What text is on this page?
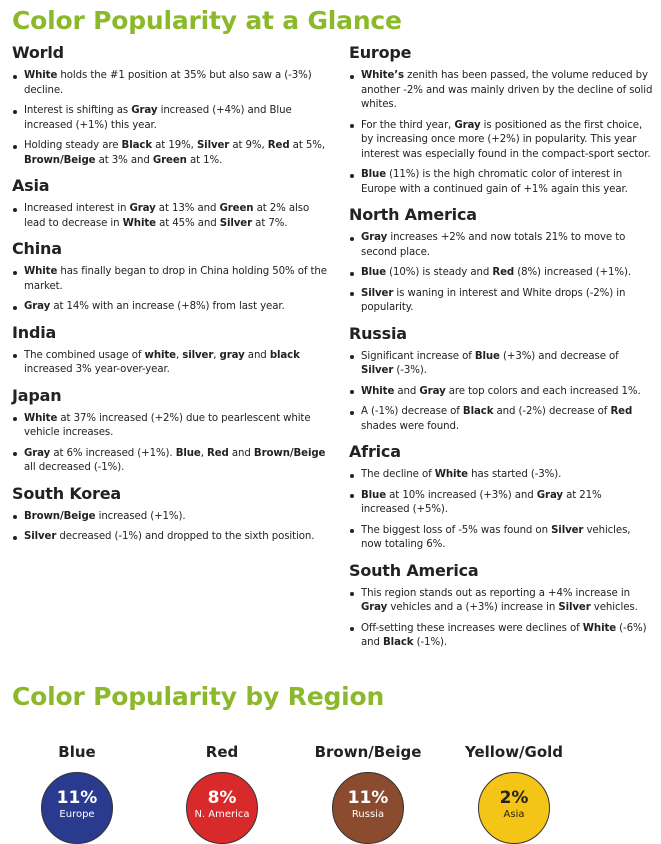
Color Popularity at a Glance
World
White holds the #1 position at 35% but also saw a (-3%) decline.
Interest is shifting as Gray increased (+4%) and Blue increased (+1%) this year.
Holding steady are Black at 19%, Silver at 9%, Red at 5%, Brown/Beige at 3% and Green at 1%.
Asia
Increased interest in Gray at 13% and Green at 2% also lead to decrease in White at 45% and Silver at 7%.
China
White has finally began to drop in China holding 50% of the market.
Gray at 14% with an increase (+8%) from last year.
India
The combined usage of white, silver, gray and black increased 3% year-over-year.
Japan
White at 37% increased (+2%) due to pearlescent white vehicle increases.
Gray at 6% increased (+1%). Blue, Red and Brown/Beige all decreased (-1%).
South Korea
Brown/Beige increased (+1%).
Silver decreased (-1%) and dropped to the sixth position.
Europe
White’s zenith has been passed, the volume reduced by another -2% and was mainly driven by the decline of solid whites.
For the third year, Gray is positioned as the first choice, by increasing once more (+2%) in popularity. This year interest was especially found in the compact-sport sector.
Blue (11%) is the high chromatic color of interest in Europe with a continued gain of +1% again this year.
North America
Gray increases +2% and now totals 21% to move to second place.
Blue (10%) is steady and Red (8%) increased (+1%).
Silver is waning in interest and White drops (-2%) in popularity.
Russia
Significant increase of Blue (+3%) and decrease of Silver (-3%).
White and Gray are top colors and each increased 1%.
A (-1%) decrease of Black and (-2%) decrease of Red shades were found.
Africa
The decline of White has started (-3%).
Blue at 10% increased (+3%) and Gray at 21% increased (+5%).
The biggest loss of -5% was found on Silver vehicles, now totaling 6%.
South America
This region stands out as reporting a +4% increase in Gray vehicles and a (+3%) increase in Silver vehicles.
Off-setting these increases were declines of White (-6%) and Black (-1%).
Color Popularity by Region
Blue
11%
Europe
Red
8%
N. America
Brown/Beige
11%
Russia
Yellow/Gold
2%
Asia
